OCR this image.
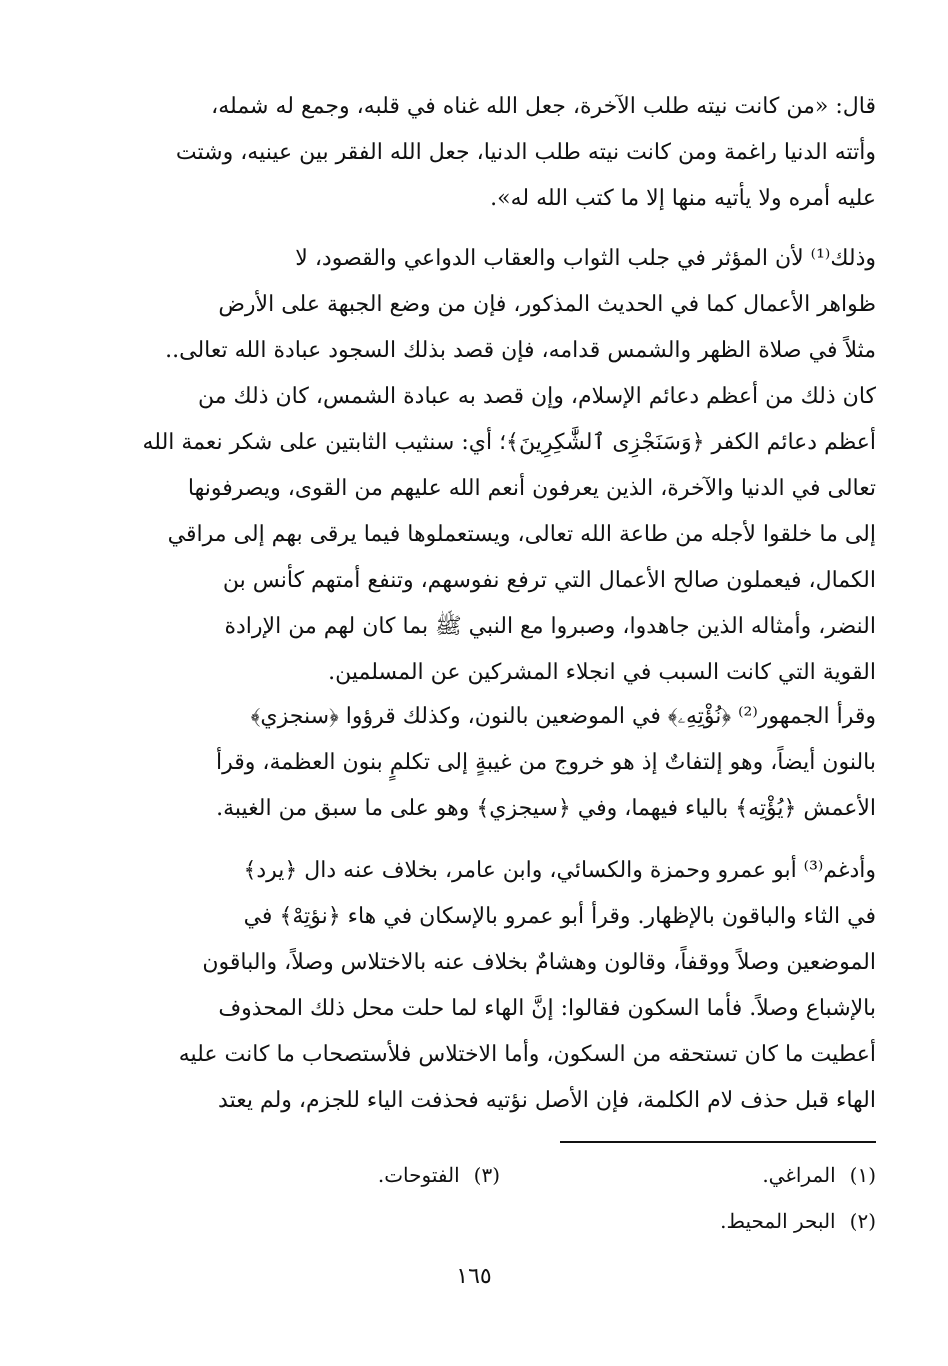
قال: «من كانت نيته طلب الآخرة، جعل الله غناه في قلبه، وجمع له شمله،
وأتته الدنيا راغمة ومن كانت نيته طلب الدنيا، جعل الله الفقر بين عينيه، وشتت
عليه أمره ولا يأتيه منها إلا ما كتب الله له».

وذلك⁽¹⁾ لأن المؤثر في جلب الثواب والعقاب الدواعي والقصود، لا
ظواهر الأعمال كما في الحديث المذكور، فإن من وضع الجبهة على الأرض
مثلاً في صلاة الظهر والشمس قدامه، فإن قصد بذلك السجود عبادة الله تعالى..
كان ذلك من أعظم دعائم الإسلام، وإن قصد به عبادة الشمس، كان ذلك من
أعظم دعائم الكفر ﴿وَسَنَجْزِى ٱلشَّٰكِرِينَ﴾؛ أي: سنثيب الثابتين على شكر نعمة الله
تعالى في الدنيا والآخرة، الذين يعرفون أنعم الله عليهم من القوى، ويصرفونها
إلى ما خلقوا لأجله من طاعة الله تعالى، ويستعملوها فيما يرقى بهم إلى مراقي
الكمال، فيعملون صالح الأعمال التي ترفع نفوسهم، وتنفع أمتهم كأنس بن
النضر، وأمثاله الذين جاهدوا، وصبروا مع النبي ﷺ بما كان لهم من الإرادة
القوية التي كانت السبب في انجلاء المشركين عن المسلمين.

وقرأ الجمهور⁽²⁾ ﴿نُؤْتِهِۦ﴾ في الموضعين بالنون، وكذلك قرؤوا ﴿سنجزي﴾
بالنون أيضاً، وهو إلتفاتٌ إذ هو خروج من غيبةٍ إلى تكلمٍ بنون العظمة، وقرأ
الأعمش ﴿يُؤْتِه﴾ بالياء فيهما، وفي ﴿سيجزي﴾ وهو على ما سبق من الغيبة.

وأدغم⁽³⁾ أبو عمرو وحمزة والكسائي، وابن عامر، بخلاف عنه دال ﴿يرد﴾
في الثاء والباقون بالإظهار. وقرأ أبو عمرو بالإسكان في هاء ﴿نؤتِهْ﴾ في
الموضعين وصلاً ووقفاً، وقالون وهشامٌ بخلاف عنه بالاختلاس وصلاً، والباقون
بالإشباع وصلاً. فأما السكون فقالوا: إنَّ الهاء لما حلت محل ذلك المحذوف
أعطيت ما كان تستحقه من السكون، وأما الاختلاس فلأستصحاب ما كانت عليه
الهاء قبل حذف لام الكلمة، فإن الأصل نؤتيه فحذفت الياء للجزم، ولم يعتد

(١)المراغي.
(٣)الفتوحات.
(٢)البحر المحيط.
١٦٥
